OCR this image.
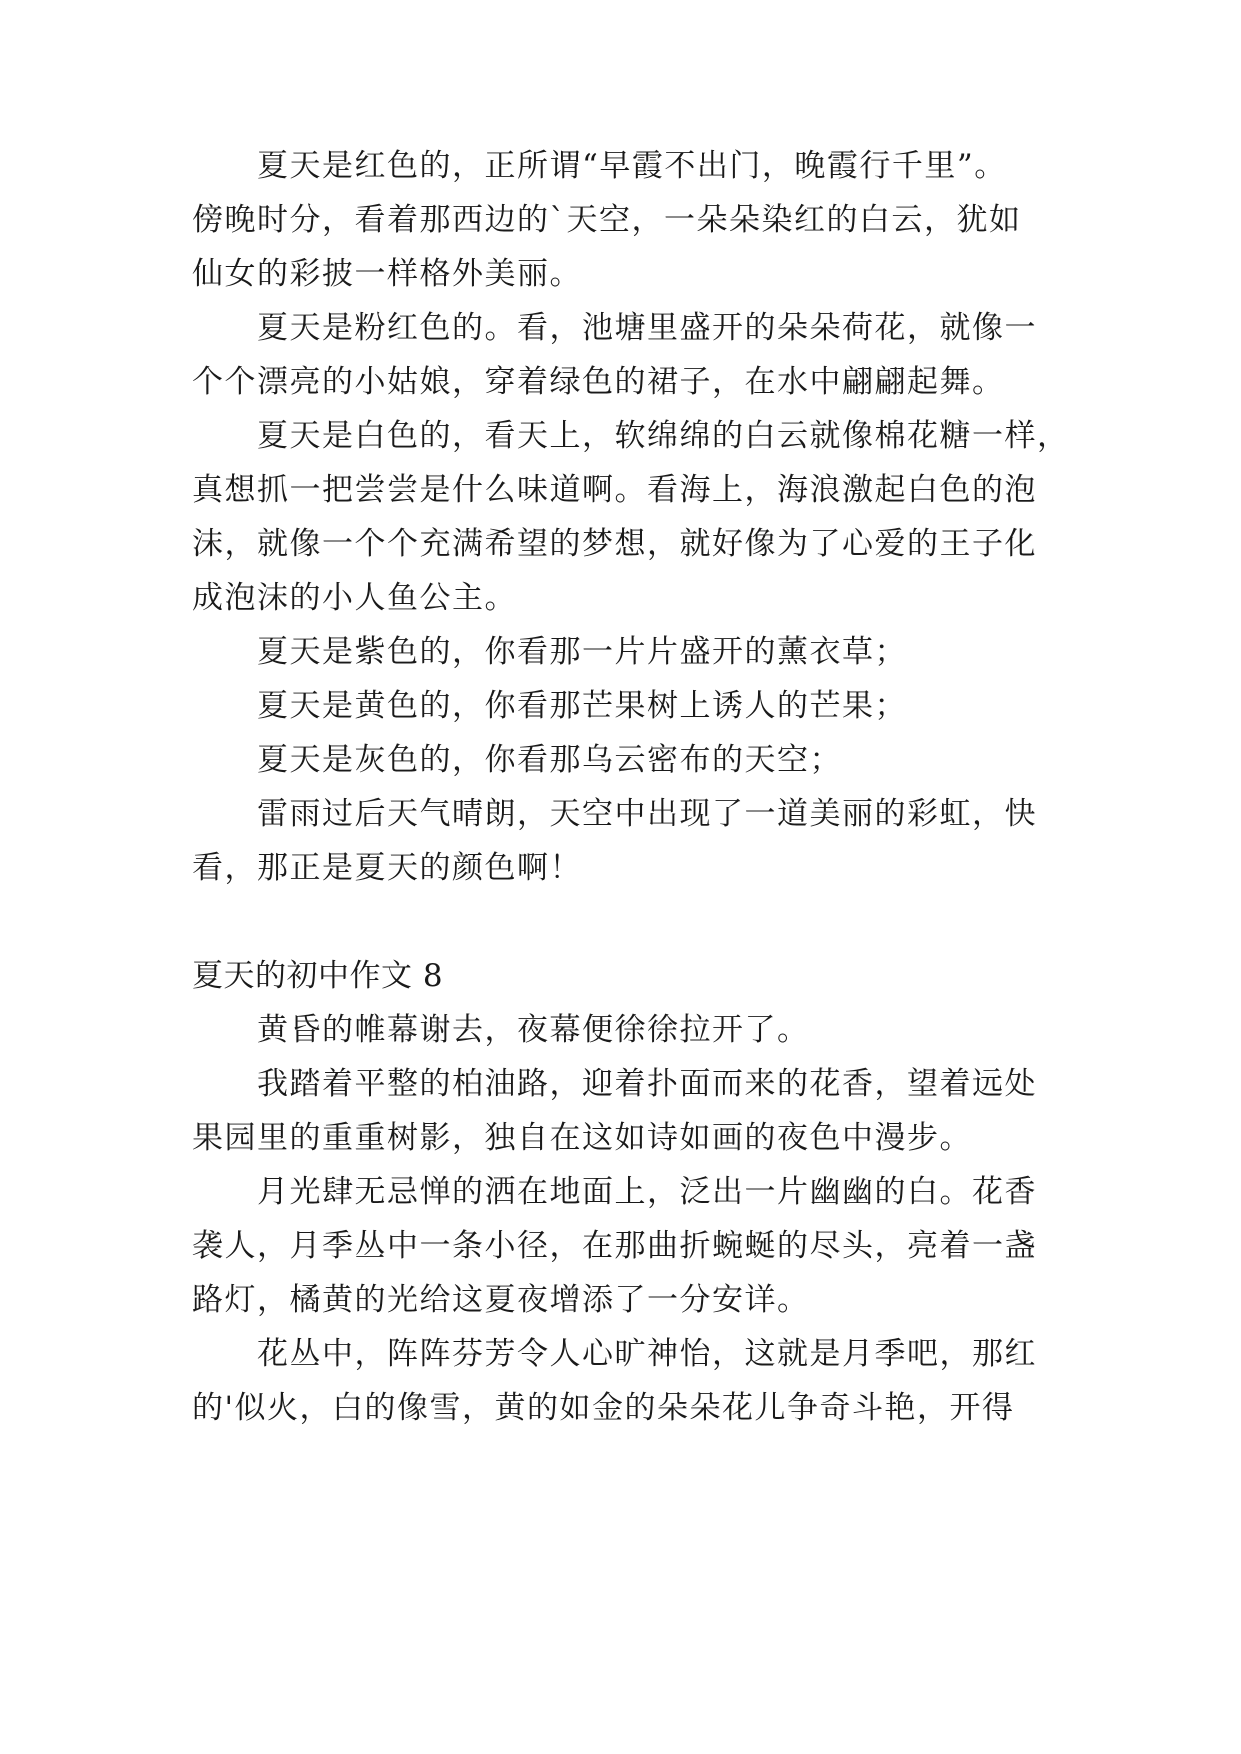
夏天是红色的，正所谓“早霞不出门，晚霞行千里”。
傍晚时分，看着那西边的`天空，一朵朵染红的白云，犹如
仙女的彩披一样格外美丽。
夏天是粉红色的。看，池塘里盛开的朵朵荷花，就像一
个个漂亮的小姑娘，穿着绿色的裙子，在水中翩翩起舞。
夏天是白色的，看天上，软绵绵的白云就像棉花糖一样，
真想抓一把尝尝是什么味道啊。看海上，海浪激起白色的泡
沫，就像一个个充满希望的梦想，就好像为了心爱的王子化
成泡沫的小人鱼公主。
夏天是紫色的，你看那一片片盛开的薰衣草；
夏天是黄色的，你看那芒果树上诱人的芒果；
夏天是灰色的，你看那乌云密布的天空；
雷雨过后天气晴朗，天空中出现了一道美丽的彩虹，快
看，那正是夏天的颜色啊！
夏天的初中作文 8
黄昏的帷幕谢去，夜幕便徐徐拉开了。
我踏着平整的柏油路，迎着扑面而来的花香，望着远处
果园里的重重树影，独自在这如诗如画的夜色中漫步。
月光肆无忌惮的洒在地面上，泛出一片幽幽的白。花香
袭人，月季丛中一条小径，在那曲折蜿蜒的尽头，亮着一盏
路灯，橘黄的光给这夏夜增添了一分安详。
花丛中，阵阵芬芳令人心旷神怡，这就是月季吧，那红
的'似火，白的像雪，黄的如金的朵朵花儿争奇斗艳，开得
